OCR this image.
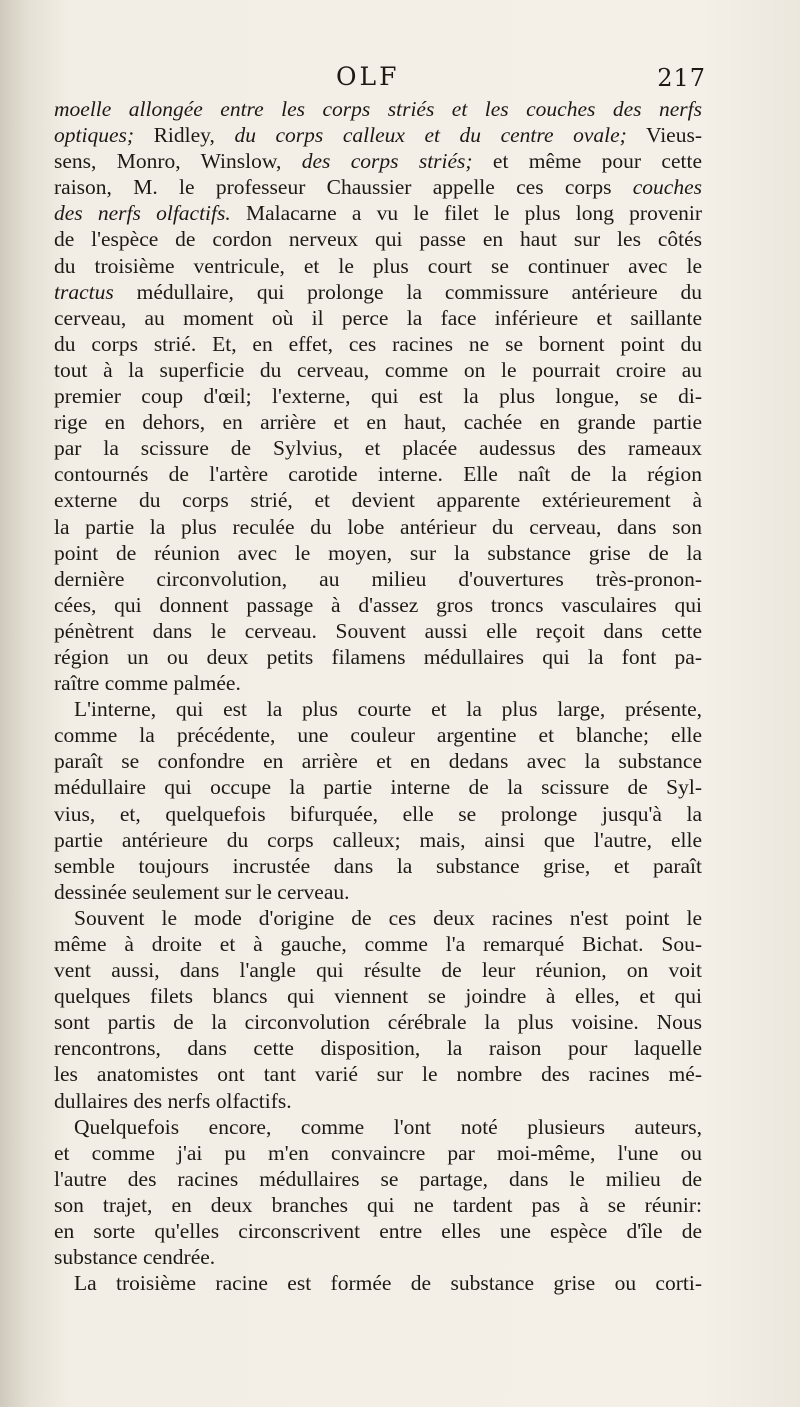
OLF	217
moelle allongée entre les corps striés et les couches des nerfs
optiques; Ridley, du corps calleux et du centre ovale; Vieus-
sens, Monro, Winslow, des corps striés; et même pour cette
raison, M. le professeur Chaussier appelle ces corps couches
des nerfs olfactifs. Malacarne a vu le filet le plus long provenir
de l'espèce de cordon nerveux qui passe en haut sur les côtés
du troisième ventricule, et le plus court se continuer avec le
tractus médullaire, qui prolonge la commissure antérieure du
cerveau, au moment où il perce la face inférieure et saillante
du corps strié. Et, en effet, ces racines ne se bornent point du
tout à la superficie du cerveau, comme on le pourrait croire au
premier coup d'œil; l'externe, qui est la plus longue, se di-
rige en dehors, en arrière et en haut, cachée en grande partie
par la scissure de Sylvius, et placée audessus des rameaux
contournés de l'artère carotide interne. Elle naît de la région
externe du corps strié, et devient apparente extérieurement à
la partie la plus reculée du lobe antérieur du cerveau, dans son
point de réunion avec le moyen, sur la substance grise de la
dernière circonvolution, au milieu d'ouvertures très-pronon-
cées, qui donnent passage à d'assez gros troncs vasculaires qui
pénètrent dans le cerveau. Souvent aussi elle reçoit dans cette
région un ou deux petits filamens médullaires qui la font pa-
raître comme palmée.
L'interne, qui est la plus courte et la plus large, présente,
comme la précédente, une couleur argentine et blanche; elle
paraît se confondre en arrière et en dedans avec la substance
médullaire qui occupe la partie interne de la scissure de Syl-
vius, et, quelquefois bifurquée, elle se prolonge jusqu'à la
partie antérieure du corps calleux; mais, ainsi que l'autre, elle
semble toujours incrustée dans la substance grise, et paraît
dessinée seulement sur le cerveau.
Souvent le mode d'origine de ces deux racines n'est point le
même à droite et à gauche, comme l'a remarqué Bichat. Sou-
vent aussi, dans l'angle qui résulte de leur réunion, on voit
quelques filets blancs qui viennent se joindre à elles, et qui
sont partis de la circonvolution cérébrale la plus voisine. Nous
rencontrons, dans cette disposition, la raison pour laquelle
les anatomistes ont tant varié sur le nombre des racines mé-
dullaires des nerfs olfactifs.
Quelquefois encore, comme l'ont noté plusieurs auteurs,
et comme j'ai pu m'en convaincre par moi-même, l'une ou
l'autre des racines médullaires se partage, dans le milieu de
son trajet, en deux branches qui ne tardent pas à se réunir:
en sorte qu'elles circonscrivent entre elles une espèce d'île de
substance cendrée.
La troisième racine est formée de substance grise ou corti-
